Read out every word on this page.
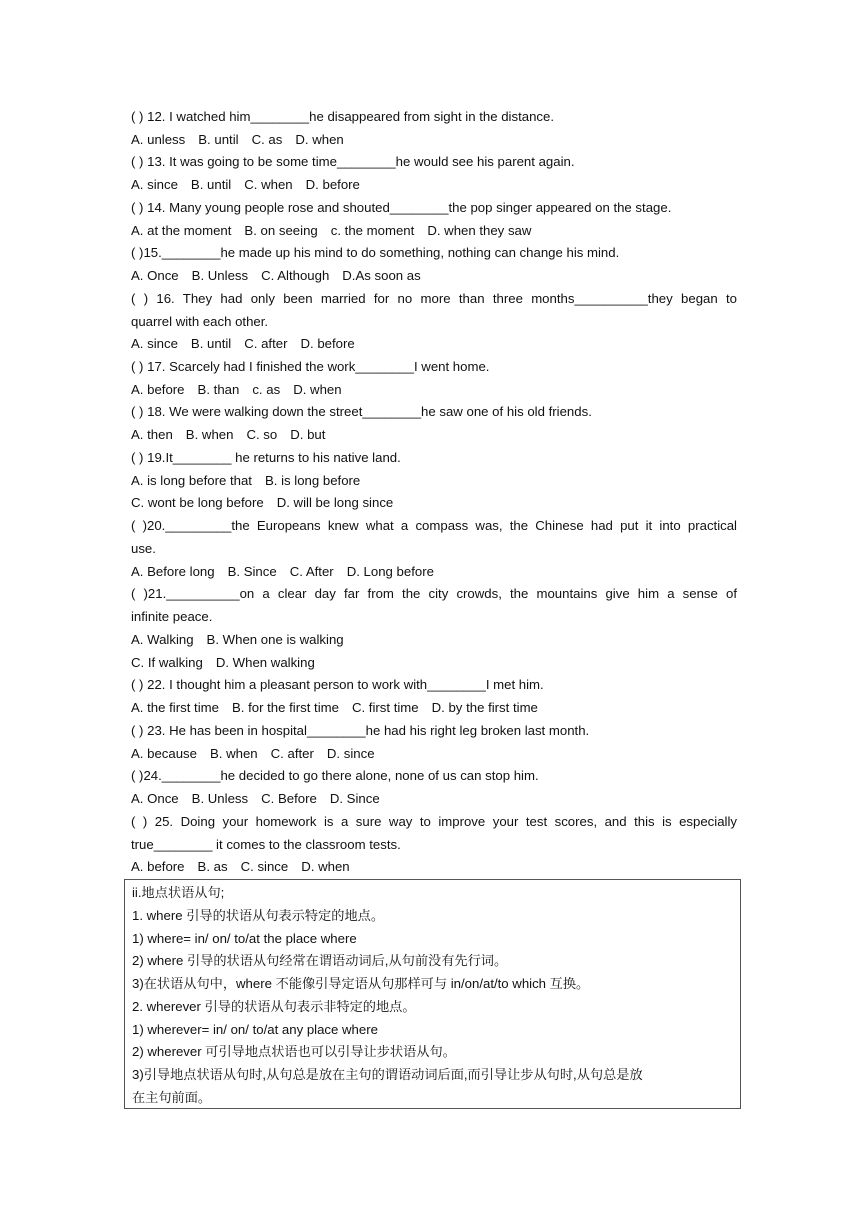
( ) 12. I watched him________he disappeared from sight in the distance.
A. unless B. until C. as D. when
( ) 13. It was going to be some time________he would see his parent again.
A. since B. until C. when D. before
( ) 14. Many young people rose and shouted________the pop singer appeared on the stage.
A. at the moment B. on seeing c. the moment D. when they saw
( )15.________he made up his mind to do something, nothing can change his mind.
A. Once B. Unless C. Although D.As soon as
( ) 16. They had only been married for no more than three months__________they began to
quarrel with each other.
A. since B. until C. after D. before
( ) 17. Scarcely had I finished the work________I went home.
A. before B. than c. as D. when
( ) 18. We were walking down the street________he saw one of his old friends.
A. then B. when C. so D. but
( ) 19.It________ he returns to his native land.
A. is long before that B. is long before
C. wont be long before D. will be long since
( )20._________the Europeans knew what a compass was, the Chinese had put it into practical
use.
A. Before long B. Since C. After D. Long before
( )21.__________on a clear day far from the city crowds, the mountains give him a sense of
infinite peace.
A. Walking B. When one is walking
C. If walking D. When walking
( ) 22. I thought him a pleasant person to work with________I met him.
A. the first time B. for the first time C. first time D. by the first time
( ) 23. He has been in hospital________he had his right leg broken last month.
A. because B. when C. after D. since
( )24.________he decided to go there alone, none of us can stop him.
A. Once B. Unless C. Before D. Since
( ) 25. Doing your homework is a sure way to improve your test scores, and this is especially
true________ it comes to the classroom tests.
A. before B. as C. since D. when
ii.地点状语从句;
1. where 引导的状语从句表示特定的地点。
1) where= in/ on/ to/at the place where
2) where 引导的状语从句经常在谓语动词后,从句前没有先行词。
3)在状语从句中，where 不能像引导定语从句那样可与 in/on/at/to which 互换。
2. wherever 引导的状语从句表示非特定的地点。
1) wherever= in/ on/ to/at any place where
2) wherever 可引导地点状语也可以引导让步状语从句。
3)引导地点状语从句时,从句总是放在主句的谓语动词后面,而引导让步从句时,从句总是放
在主句前面。
